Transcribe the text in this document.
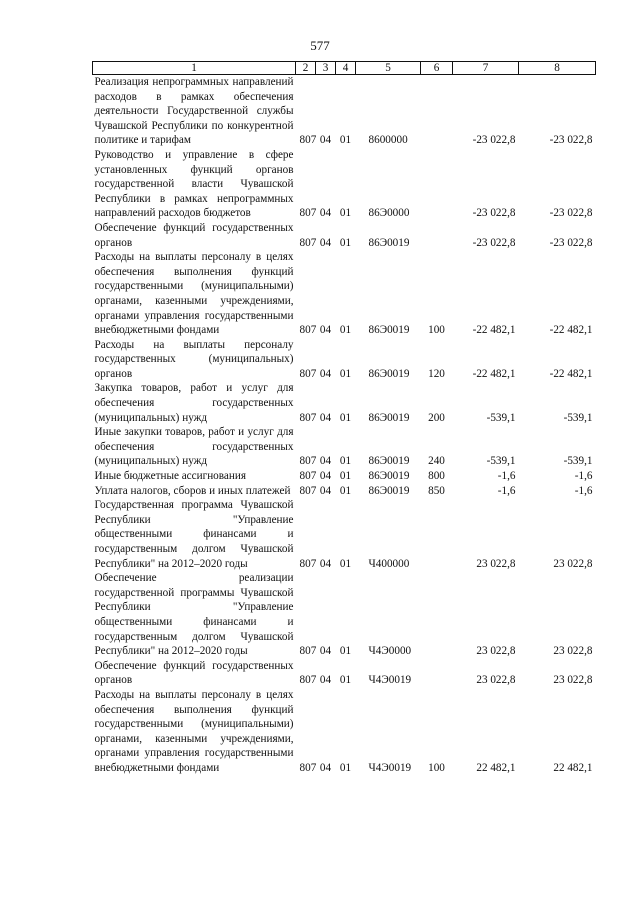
577
1	2	3	4	5	6	7	8
Реализация непрограммных направлений расходов в рамках обеспечения деятельности Государственной службы Чувашской Республики по конкурентной политике и тарифам	807	04	01	8600000		-23 022,8	-23 022,8
Руководство и управление в сфере установленных функций органов государственной власти Чувашской Республики в рамках непрограммных направлений расходов бюджетов	807	04	01	86Э0000		-23 022,8	-23 022,8
Обеспечение функций государственных органов	807	04	01	86Э0019		-23 022,8	-23 022,8
Расходы на выплаты персоналу в целях обеспечения выполнения функций государственными (муниципальными) органами, казенными учреждениями, органами управления государственными внебюджетными фондами	807	04	01	86Э0019	100	-22 482,1	-22 482,1
Расходы на выплаты персоналу государственных (муниципальных) органов	807	04	01	86Э0019	120	-22 482,1	-22 482,1
Закупка товаров, работ и услуг для обеспечения государственных (муниципальных) нужд	807	04	01	86Э0019	200	-539,1	-539,1
Иные закупки товаров, работ и услуг для обеспечения государственных (муниципальных) нужд	807	04	01	86Э0019	240	-539,1	-539,1
Иные бюджетные ассигнования	807	04	01	86Э0019	800	-1,6	-1,6
Уплата налогов, сборов и иных платежей	807	04	01	86Э0019	850	-1,6	-1,6
Государственная программа Чувашской Республики "Управление общественными финансами и государственным долгом Чувашской Республики" на 2012–2020 годы	807	04	01	Ч400000		23 022,8	23 022,8
Обеспечение реализации государственной программы Чувашской Республики "Управление общественными финансами и государственным долгом Чувашской Республики" на 2012–2020 годы	807	04	01	Ч4Э0000		23 022,8	23 022,8
Обеспечение функций государственных органов	807	04	01	Ч4Э0019		23 022,8	23 022,8
Расходы на выплаты персоналу в целях обеспечения выполнения функций государственными (муниципальными) органами, казенными учреждениями, органами управления государственными внебюджетными фондами	807	04	01	Ч4Э0019	100	22 482,1	22 482,1
